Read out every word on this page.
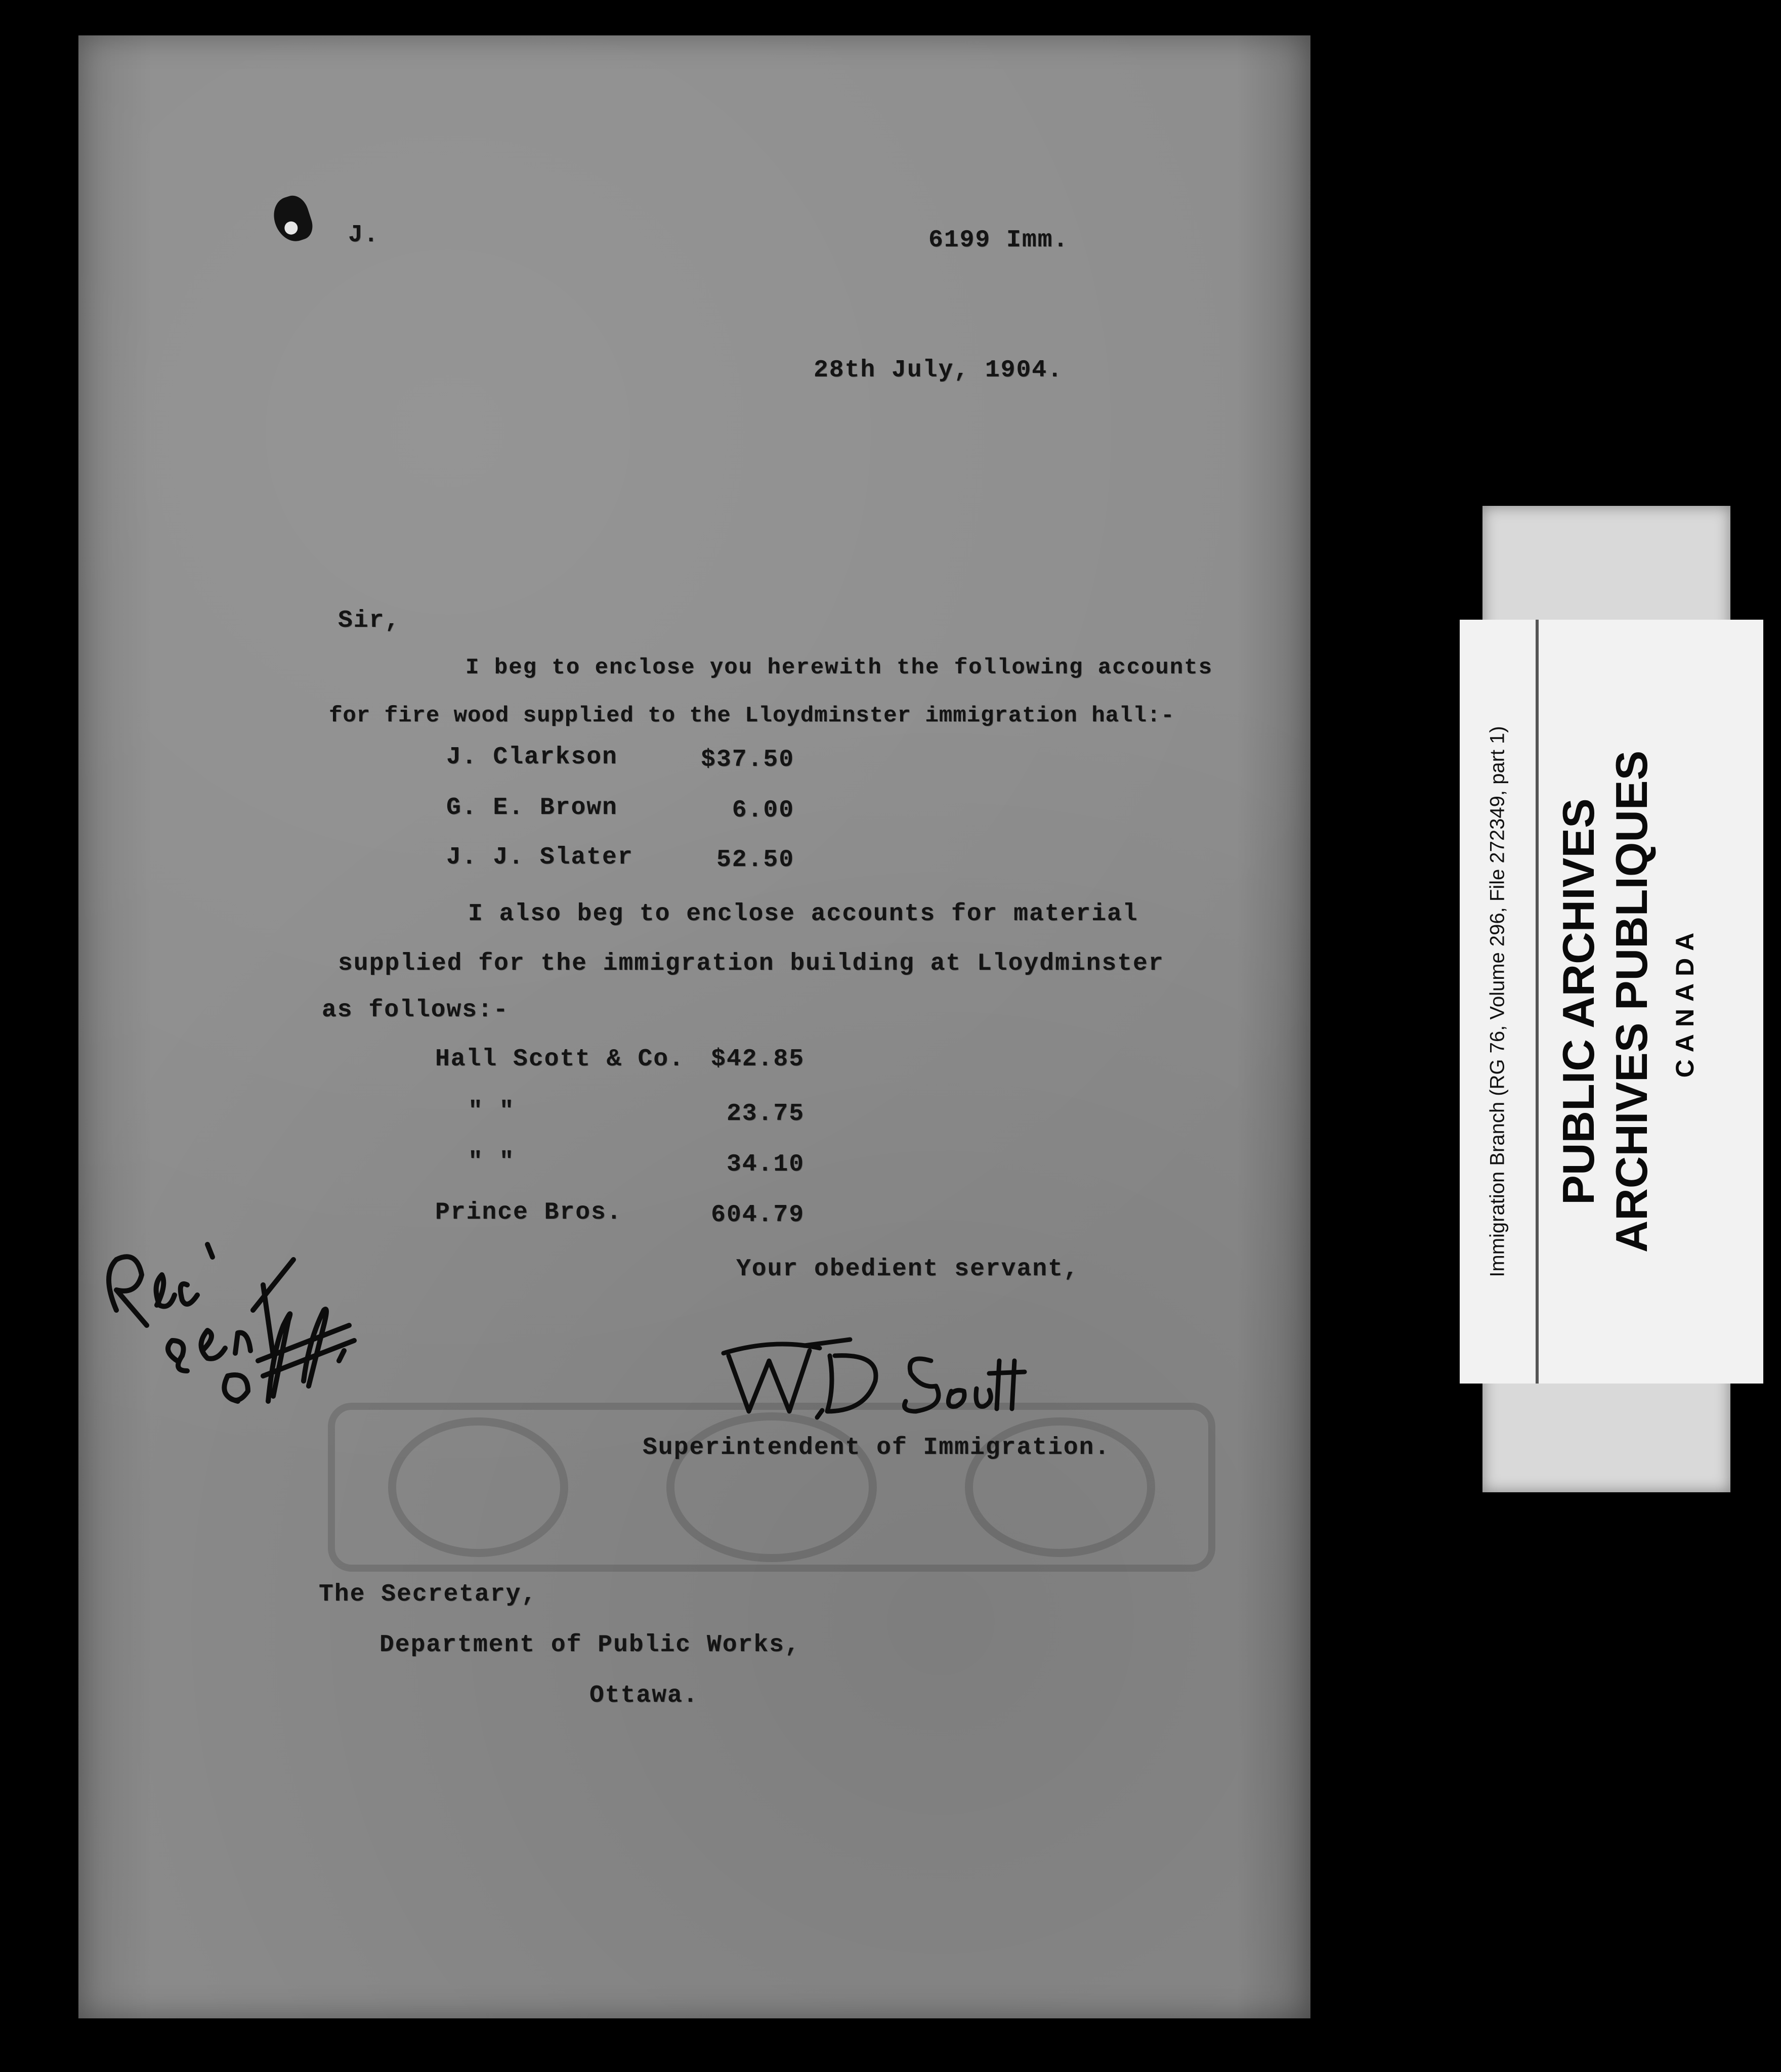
J.	6199 Imm.
28th July, 1904.
Sir,
I beg to enclose you herewith the following accounts
for fire wood supplied to the Lloydminster immigration hall:-
J. Clarkson	$37.50
G. E. Brown	6.00
J. J. Slater	52.50
I also beg to enclose accounts for material
supplied for the immigration building at Lloydminster
as follows:-
Hall Scott & Co.	$42.85
" "	23.75
" "	34.10
Prince Bros.	604.79
Your obedient servant,
Superintendent of Immigration.
The Secretary,
Department of Public Works,
Ottawa.
Immigration Branch (RG 76, Volume 296, File 272349, part 1) PUBLIC ARCHIVES ARCHIVES PUBLIQUES CANADA
